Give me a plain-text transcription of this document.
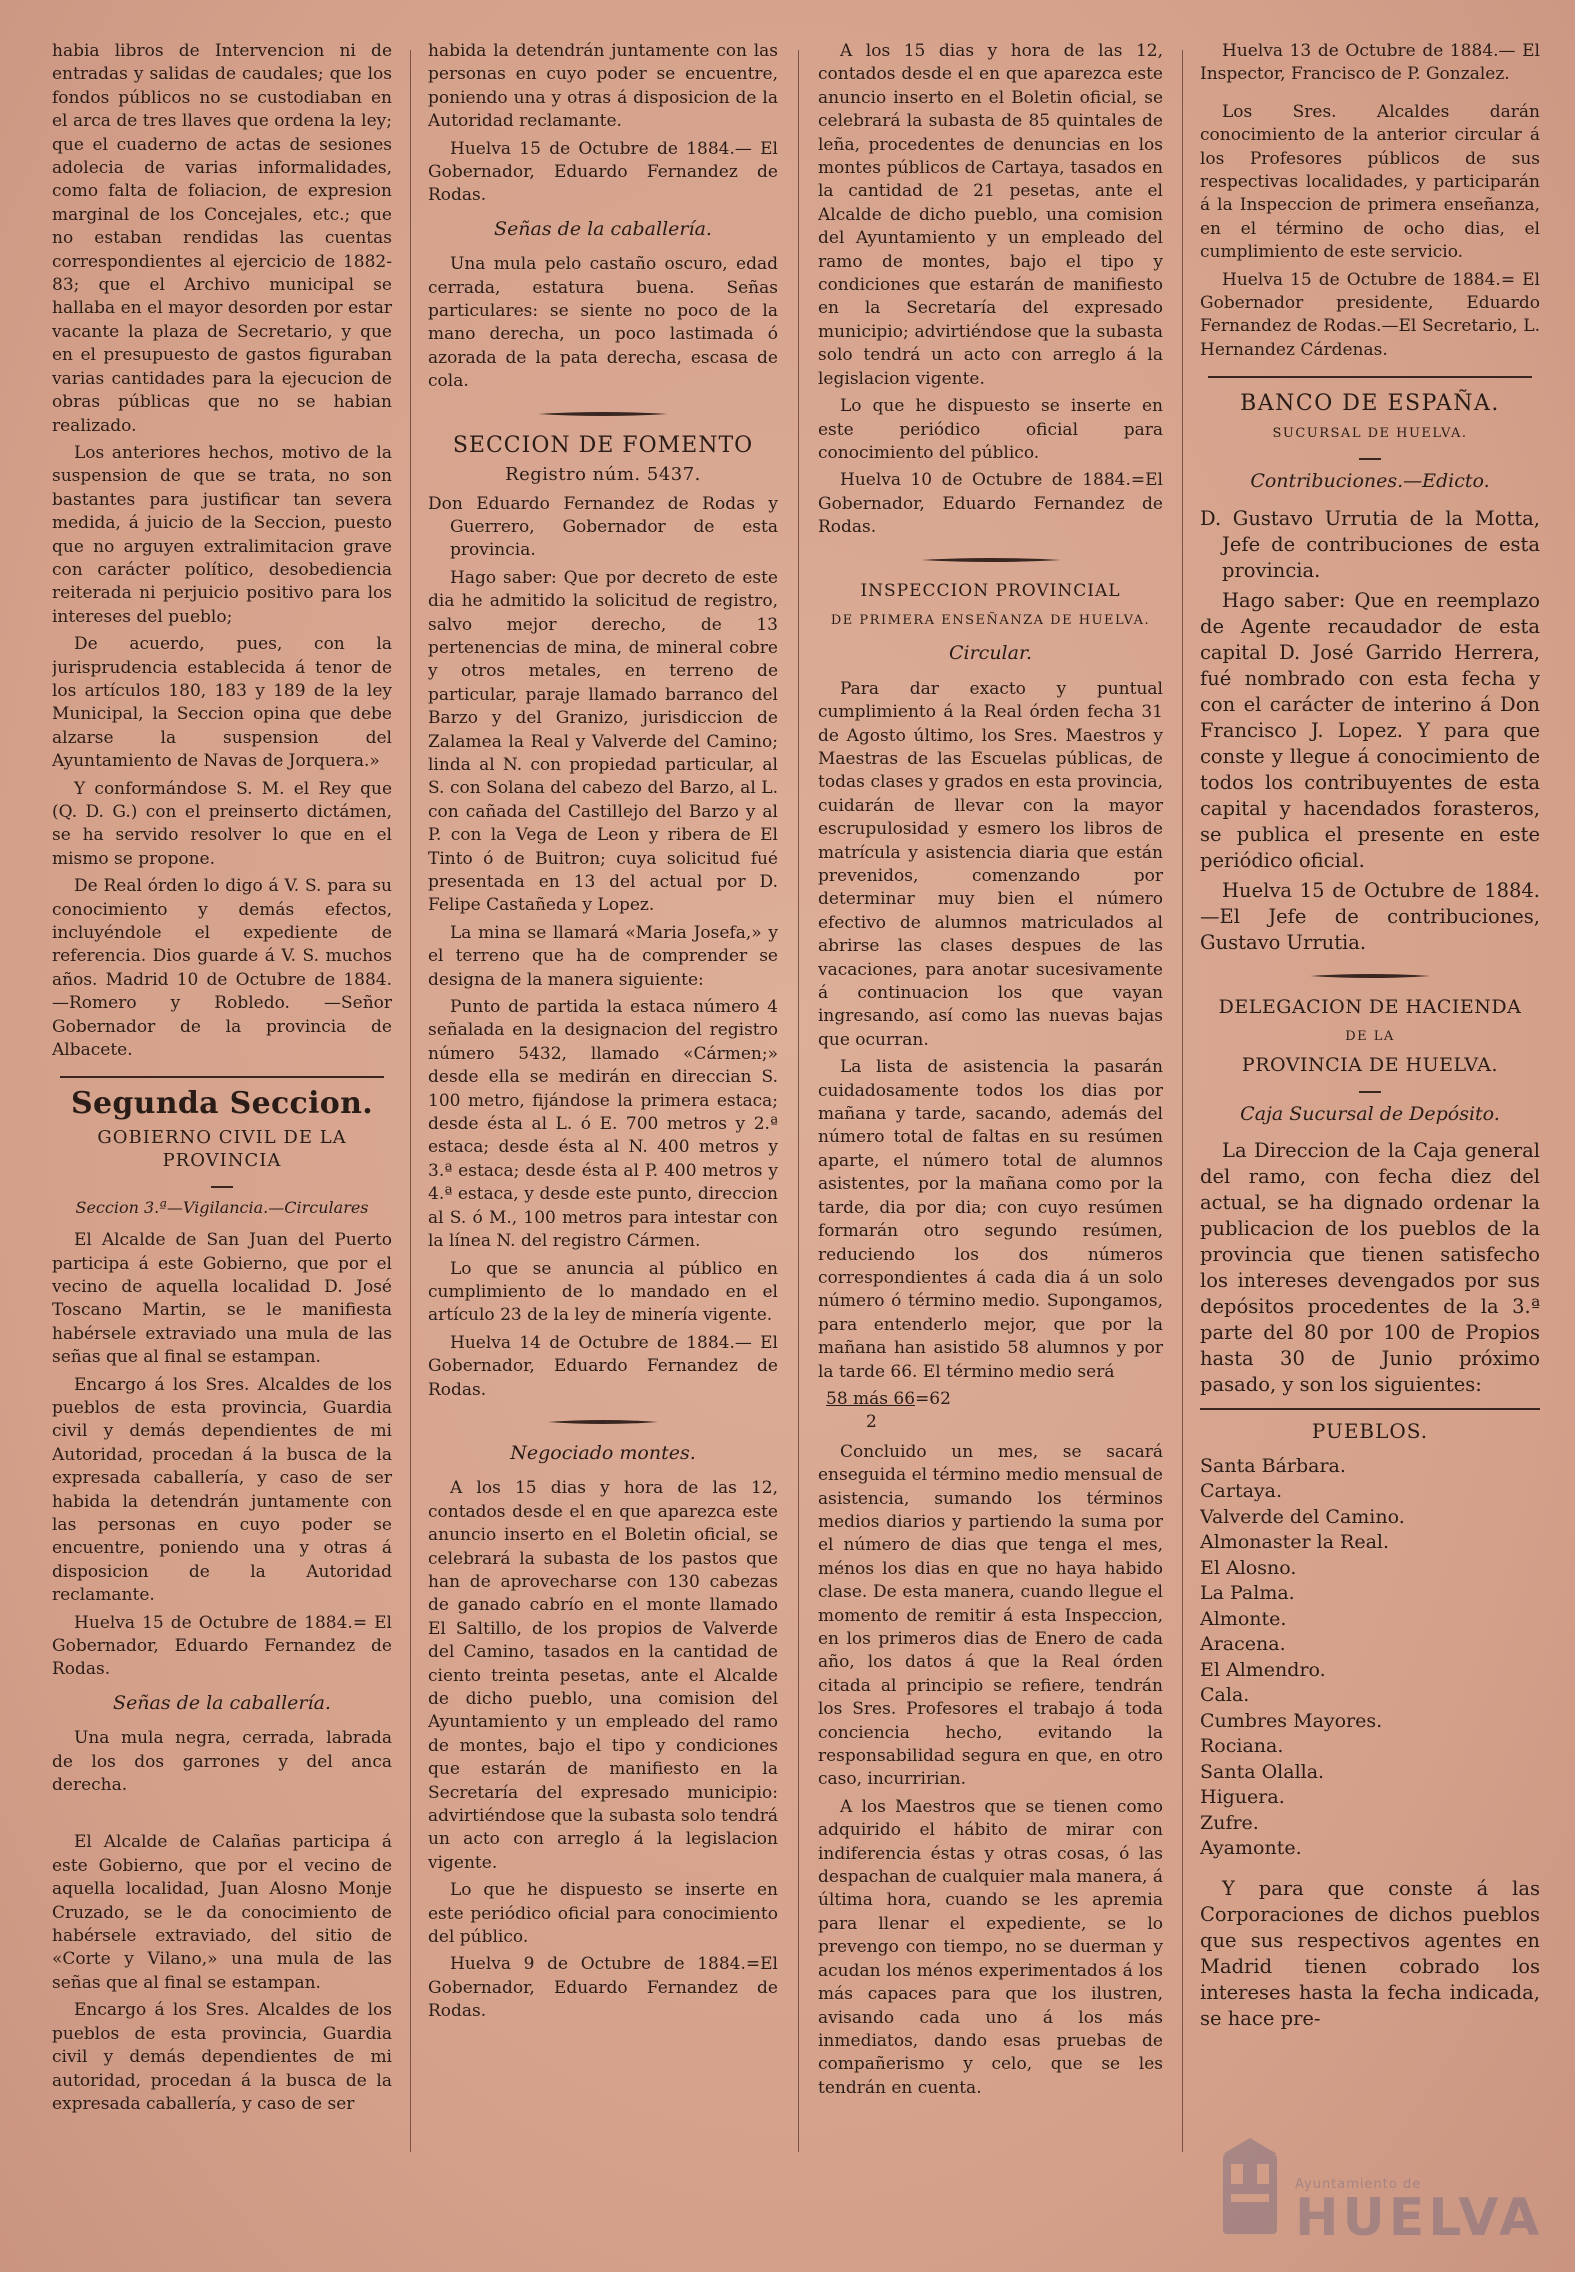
habia libros de Intervencion ni de entradas y salidas de caudales; que los fondos públicos no se custodiaban en el arca de tres llaves que ordena la ley; que el cuaderno de actas de sesiones adolecia de varias informalidades, como falta de foliacion, de expresion marginal de los Concejales, etc.; que no estaban rendidas las cuentas correspondientes al ejercicio de 1882-83; que el Archivo municipal se hallaba en el mayor desorden por estar vacante la plaza de Secretario, y que en el presupuesto de gastos figuraban varias cantidades para la ejecucion de obras públicas que no se habian realizado.

Los anteriores hechos, motivo de la suspension de que se trata, no son bastantes para justificar tan severa medida, á juicio de la Seccion, puesto que no arguyen extralimitacion grave con carácter político, desobediencia reiterada ni perjuicio positivo para los intereses del pueblo;

De acuerdo, pues, con la jurisprudencia establecida á tenor de los artículos 180, 183 y 189 de la ley Municipal, la Seccion opina que debe alzarse la suspension del Ayuntamiento de Navas de Jorquera.»

Y conformándose S. M. el Rey que (Q. D. G.) con el preinserto dictámen, se ha servido resolver lo que en el mismo se propone.

De Real órden lo digo á V. S. para su conocimiento y demás efectos, incluyéndole el expediente de referencia. Dios guarde á V. S. muchos años. Madrid 10 de Octubre de 1884.—Romero y Robledo. —Señor Gobernador de la provincia de Albacete.

Segunda Seccion.
GOBIERNO CIVIL DE LA PROVINCIA
Seccion 3.ª—Vigilancia.—Circulares

El Alcalde de San Juan del Puerto participa á este Gobierno, que por el vecino de aquella localidad D. José Toscano Martin, se le manifiesta habérsele extraviado una mula de las señas que al final se estampan.

Encargo á los Sres. Alcaldes de los pueblos de esta provincia, Guardia civil y demás dependientes de mi Autoridad, procedan á la busca de la expresada caballería, y caso de ser habida la detendrán juntamente con las personas en cuyo poder se encuentre, poniendo una y otras á disposicion de la Autoridad reclamante.

Huelva 15 de Octubre de 1884.= El Gobernador, Eduardo Fernandez de Rodas.

Señas de la caballería.

Una mula negra, cerrada, labrada de los dos garrones y del anca derecha.

El Alcalde de Calañas participa á este Gobierno, que por el vecino de aquella localidad, Juan Alosno Monje Cruzado, se le da conocimiento de habérsele extraviado, del sitio de «Corte y Vilano,» una mula de las señas que al final se estampan.

Encargo á los Sres. Alcaldes de los pueblos de esta provincia, Guardia civil y demás dependientes de mi autoridad, procedan á la busca de la expresada caballería, y caso de ser

habida la detendrán juntamente con las personas en cuyo poder se encuentre, poniendo una y otras á disposicion de la Autoridad reclamante.

Huelva 15 de Octubre de 1884.— El Gobernador, Eduardo Fernandez de Rodas.

Señas de la caballería.

Una mula pelo castaño oscuro, edad cerrada, estatura buena. Señas particulares: se siente no poco de la mano derecha, un poco lastimada ó azorada de la pata derecha, escasa de cola.

SECCION DE FOMENTO
Registro núm. 5437.

Don Eduardo Fernandez de Rodas y Guerrero, Gobernador de esta provincia.

Hago saber: Que por decreto de este dia he admitido la solicitud de registro, salvo mejor derecho, de 13 pertenencias de mina, de mineral cobre y otros metales, en terreno de particular, paraje llamado barranco del Barzo y del Granizo, jurisdiccion de Zalamea la Real y Valverde del Camino; linda al N. con propiedad particular, al S. con Solana del cabezo del Barzo, al L. con cañada del Castillejo del Barzo y al P. con la Vega de Leon y ribera de El Tinto ó de Buitron; cuya solicitud fué presentada en 13 del actual por D. Felipe Castañeda y Lopez.

La mina se llamará «Maria Josefa,» y el terreno que ha de comprender se designa de la manera siguiente:

Punto de partida la estaca número 4 señalada en la designacion del registro número 5432, llamado «Cármen;» desde ella se medirán en direccian S. 100 metro, fijándose la primera estaca; desde ésta al L. ó E. 700 metros y 2.ª estaca; desde ésta al N. 400 metros y 3.ª estaca; desde ésta al P. 400 metros y 4.ª estaca, y desde este punto, direccion al S. ó M., 100 metros para intestar con la línea N. del registro Cármen.

Lo que se anuncia al público en cumplimiento de lo mandado en el artículo 23 de la ley de minería vigente.

Huelva 14 de Octubre de 1884.— El Gobernador, Eduardo Fernandez de Rodas.

Negociado montes.

A los 15 dias y hora de las 12, contados desde el en que aparezca este anuncio inserto en el Boletin oficial, se celebrará la subasta de los pastos que han de aprovecharse con 130 cabezas de ganado cabrío en el monte llamado El Saltillo, de los propios de Valverde del Camino, tasados en la cantidad de ciento treinta pesetas, ante el Alcalde de dicho pueblo, una comision del Ayuntamiento y un empleado del ramo de montes, bajo el tipo y condiciones que estarán de manifiesto en la Secretaría del expresado municipio: advirtiéndose que la subasta solo tendrá un acto con arreglo á la legislacion vigente.

Lo que he dispuesto se inserte en este periódico oficial para conocimiento del público.

Huelva 9 de Octubre de 1884.=El Gobernador, Eduardo Fernandez de Rodas.

A los 15 dias y hora de las 12, contados desde el en que aparezca este anuncio inserto en el Boletin oficial, se celebrará la subasta de 85 quintales de leña, procedentes de denuncias en los montes públicos de Cartaya, tasados en la cantidad de 21 pesetas, ante el Alcalde de dicho pueblo, una comision del Ayuntamiento y un empleado del ramo de montes, bajo el tipo y condiciones que estarán de manifiesto en la Secretaría del expresado municipio; advirtiéndose que la subasta solo tendrá un acto con arreglo á la legislacion vigente.

Lo que he dispuesto se inserte en este periódico oficial para conocimiento del público.

Huelva 10 de Octubre de 1884.=El Gobernador, Eduardo Fernandez de Rodas.

INSPECCION PROVINCIAL
DE PRIMERA ENSEÑANZA DE HUELVA.
Circular.

Para dar exacto y puntual cumplimiento á la Real órden fecha 31 de Agosto último, los Sres. Maestros y Maestras de las Escuelas públicas, de todas clases y grados en esta provincia, cuidarán de llevar con la mayor escrupulosidad y esmero los libros de matrícula y asistencia diaria que están prevenidos, comenzando por determinar muy bien el número efectivo de alumnos matriculados al abrirse las clases despues de las vacaciones, para anotar sucesivamente á continuacion los que vayan ingresando, así como las nuevas bajas que ocurran.

La lista de asistencia la pasarán cuidadosamente todos los dias por mañana y tarde, sacando, además del número total de faltas en su resúmen aparte, el número total de alumnos asistentes, por la mañana como por la tarde, dia por dia; con cuyo resúmen formarán otro segundo resúmen, reduciendo los dos números correspondientes á cada dia á un solo número ó término medio. Supongamos, para entenderlo mejor, que por la mañana han asistido 58 alumnos y por la tarde 66. El término medio será

58 más 66=62
2

Concluido un mes, se sacará enseguida el término medio mensual de asistencia, sumando los términos medios diarios y partiendo la suma por el número de dias que tenga el mes, ménos los dias en que no haya habido clase. De esta manera, cuando llegue el momento de remitir á esta Inspeccion, en los primeros dias de Enero de cada año, los datos á que la Real órden citada al principio se refiere, tendrán los Sres. Profesores el trabajo á toda conciencia hecho, evitando la responsabilidad segura en que, en otro caso, incurririan.

A los Maestros que se tienen como adquirido el hábito de mirar con indiferencia éstas y otras cosas, ó las despachan de cualquier mala manera, á última hora, cuando se les apremia para llenar el expediente, se lo prevengo con tiempo, no se duerman y acudan los ménos experimentados á los más capaces para que los ilustren, avisando cada uno á los más inmediatos, dando esas pruebas de compañerismo y celo, que se les tendrán en cuenta.

Huelva 13 de Octubre de 1884.— El Inspector, Francisco de P. Gonzalez.

Los Sres. Alcaldes darán conocimiento de la anterior circular á los Profesores públicos de sus respectivas localidades, y participarán á la Inspeccion de primera enseñanza, en el término de ocho dias, el cumplimiento de este servicio.

Huelva 15 de Octubre de 1884.= El Gobernador presidente, Eduardo Fernandez de Rodas.—El Secretario, L. Hernandez Cárdenas.

BANCO DE ESPAÑA.
SUCURSAL DE HUELVA.
Contribuciones.—Edicto.

D. Gustavo Urrutia de la Motta, Jefe de contribuciones de esta provincia.

Hago saber: Que en reemplazo de Agente recaudador de esta capital D. José Garrido Herrera, fué nombrado con esta fecha y con el carácter de interino á Don Francisco J. Lopez. Y para que conste y llegue á conocimiento de todos los contribuyentes de esta capital y hacendados forasteros, se publica el presente en este periódico oficial.

Huelva 15 de Octubre de 1884. —El Jefe de contribuciones, Gustavo Urrutia.

DELEGACION DE HACIENDA
DE LA
PROVINCIA DE HUELVA.
Caja Sucursal de Depósito.

La Direccion de la Caja general del ramo, con fecha diez del actual, se ha dignado ordenar la publicacion de los pueblos de la provincia que tienen satisfecho los intereses devengados por sus depósitos procedentes de la 3.ª parte del 80 por 100 de Propios hasta 30 de Junio próximo pasado, y son los siguientes:

PUEBLOS.

Santa Bárbara.

Cartaya.

Valverde del Camino.

Almonaster la Real.

El Alosno.

La Palma.

Almonte.

Aracena.

El Almendro.

Cala.

Cumbres Mayores.

Rociana.

Santa Olalla.

Higuera.

Zufre.

Ayamonte.

Y para que conste á las Corporaciones de dichos pueblos que sus respectivos agentes en Madrid tienen cobrado los intereses hasta la fecha indicada, se hace pre-

Ayuntamiento de
HUELVA
